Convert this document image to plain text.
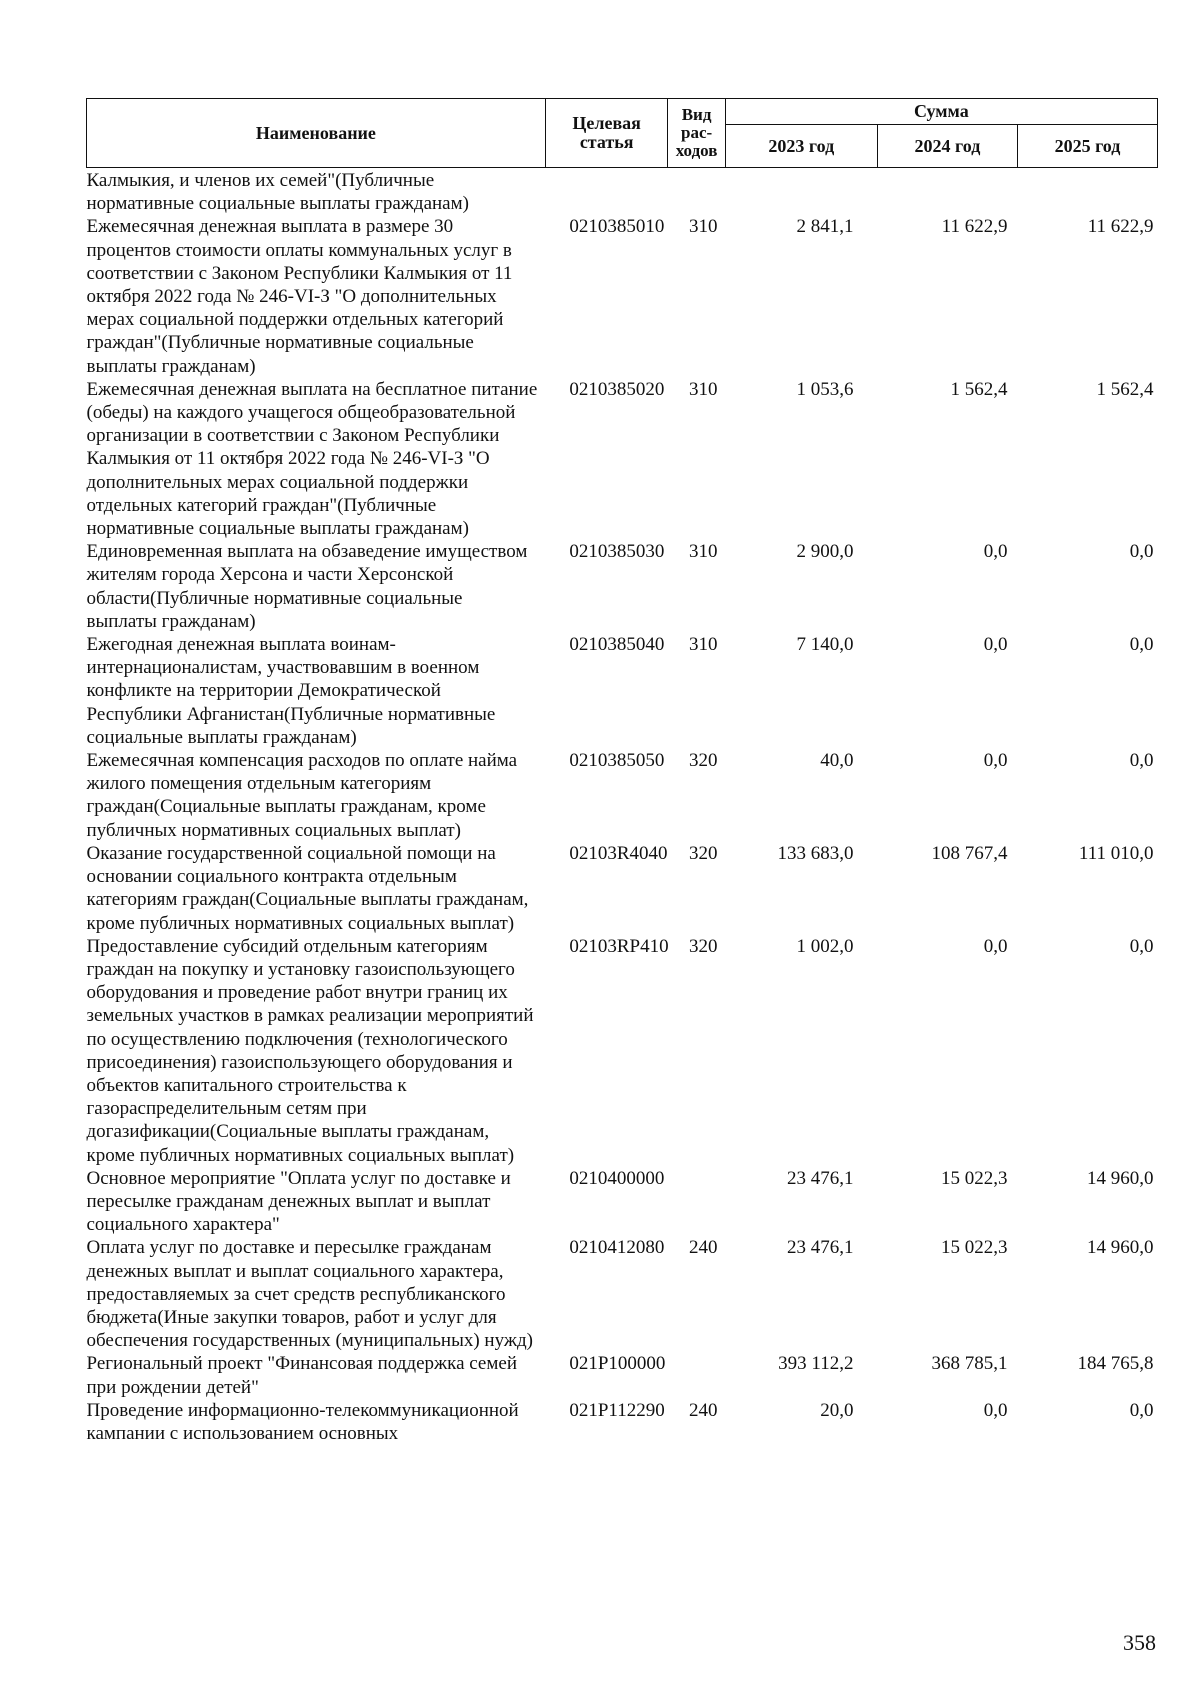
Наименование	Целевая статья	Вид рас-ходов	Сумма		
			2023 год	2024 год	2025 год
Калмыкия, и членов их семей"(Публичные нормативные социальные выплаты гражданам)					
Ежемесячная денежная выплата в размере 30 процентов стоимости оплаты коммунальных услуг в соответствии с Законом Республики Калмыкия от 11 октября 2022 года № 246-VI-З "О дополнительных мерах социальной поддержки отдельных категорий граждан"(Публичные нормативные социальные выплаты гражданам)	0210385010	310	2 841,1	11 622,9	11 622,9
Ежемесячная денежная выплата на бесплатное питание (обеды) на каждого учащегося общеобразовательной организации в соответствии с Законом Республики Калмыкия от 11 октября 2022 года № 246-VI-З "О дополнительных мерах социальной поддержки отдельных категорий граждан"(Публичные нормативные социальные выплаты гражданам)	0210385020	310	1 053,6	1 562,4	1 562,4
Единовременная выплата на обзаведение имуществом жителям города Херсона и части Херсонской области(Публичные нормативные социальные выплаты гражданам)	0210385030	310	2 900,0	0,0	0,0
Ежегодная денежная выплата воинам-интернационалистам, участвовавшим в военном конфликте на территории Демократической Республики Афганистан(Публичные нормативные социальные выплаты гражданам)	0210385040	310	7 140,0	0,0	0,0
Ежемесячная компенсация расходов по оплате найма жилого помещения отдельным категориям граждан(Социальные выплаты гражданам, кроме публичных нормативных социальных выплат)	0210385050	320	40,0	0,0	0,0
Оказание государственной социальной помощи на основании социального контракта отдельным категориям граждан(Социальные выплаты гражданам, кроме публичных нормативных социальных выплат)	02103R4040	320	133 683,0	108 767,4	111 010,0
Предоставление субсидий отдельным категориям граждан на покупку и установку газоиспользующего оборудования и проведение работ внутри границ их земельных участков в рамках реализации мероприятий по осуществлению подключения (технологического присоединения) газоиспользующего оборудования и объектов капитального строительства к газораспределительным сетям при догазификации(Социальные выплаты гражданам, кроме публичных нормативных социальных выплат)	02103RP410	320	1 002,0	0,0	0,0
Основное мероприятие "Оплата услуг по доставке и пересылке гражданам денежных выплат и выплат социального характера"	0210400000		23 476,1	15 022,3	14 960,0
Оплата услуг по доставке и пересылке гражданам денежных выплат и выплат социального характера, предоставляемых за счет средств республиканского бюджета(Иные закупки товаров, работ и услуг для обеспечения государственных (муниципальных) нужд)	0210412080	240	23 476,1	15 022,3	14 960,0
Региональный проект "Финансовая поддержка семей при рождении детей"	021P100000		393 112,2	368 785,1	184 765,8
Проведение информационно-телекоммуникационной кампании с использованием основных	021P112290	240	20,0	0,0	0,0
358
